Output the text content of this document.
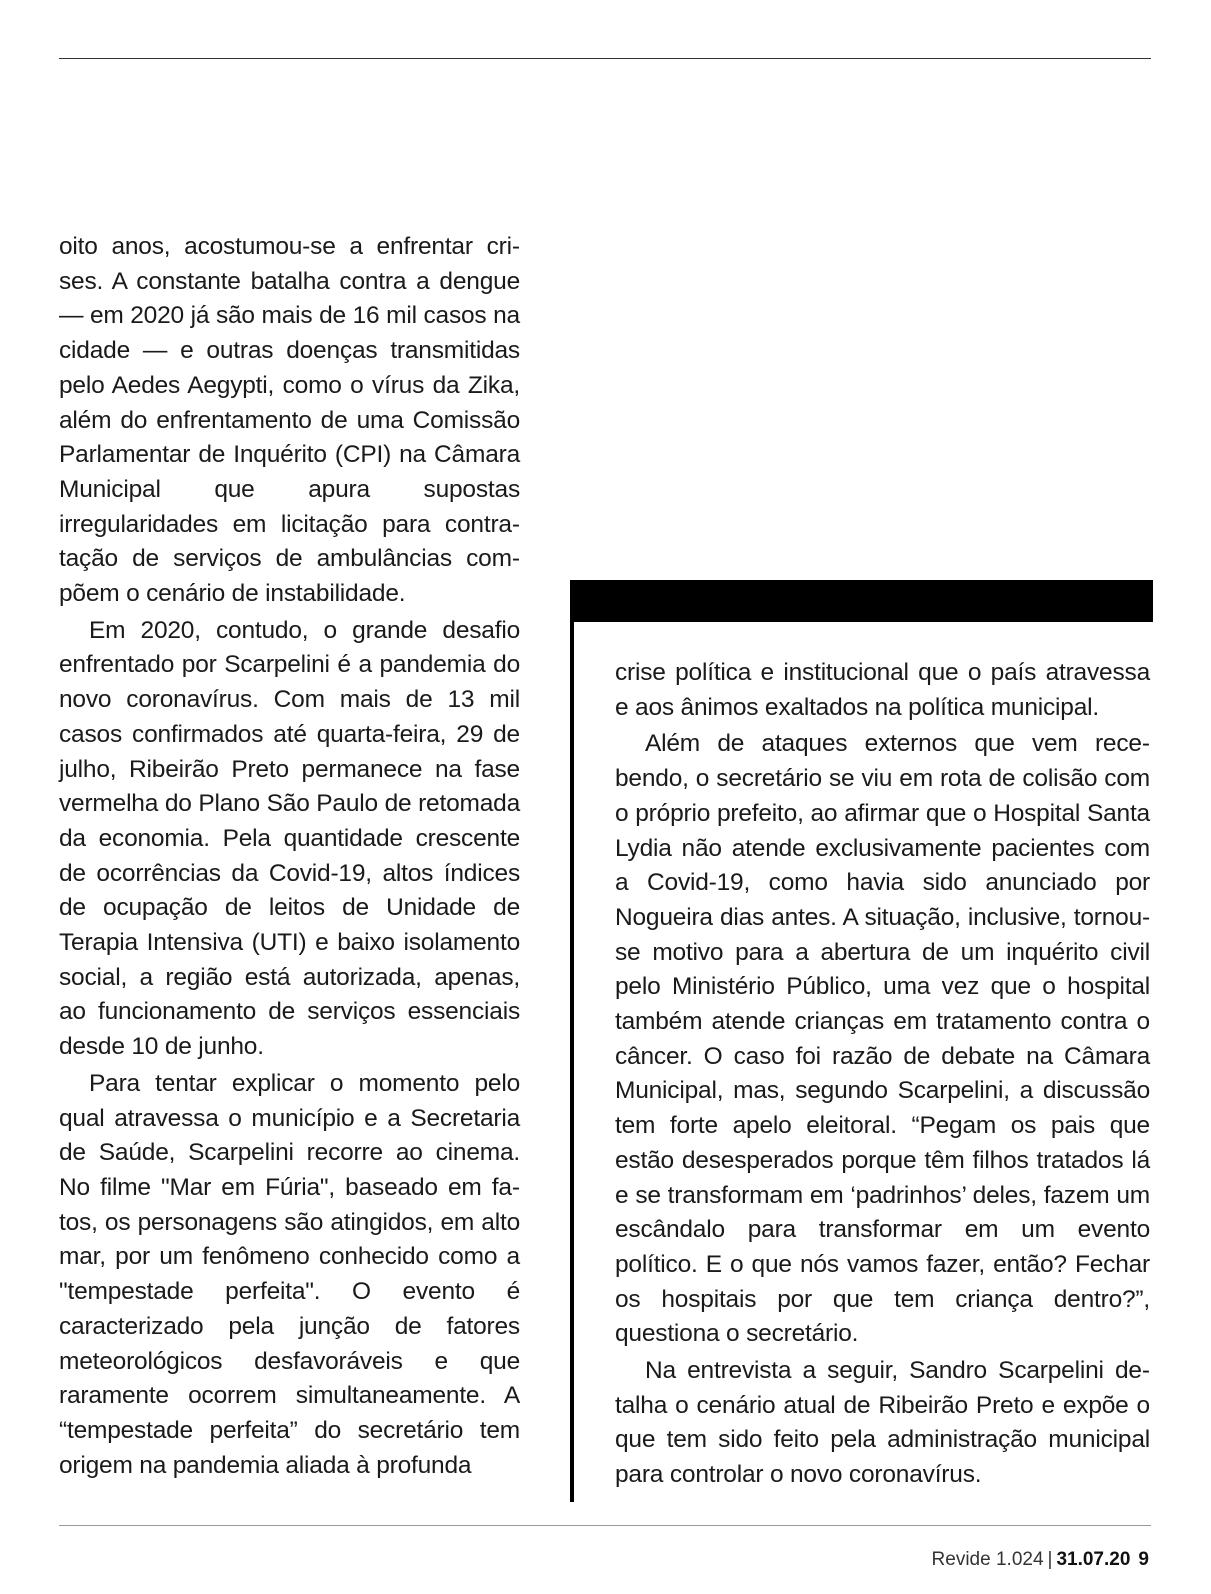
oito anos, acostumou-se a enfrentar crises. A constante batalha contra a dengue — em 2020 já são mais de 16 mil casos na cidade — e outras doenças transmitidas pelo Aedes Aegypti, como o vírus da Zika, além do enfrentamento de uma Comissão Parlamentar de Inquérito (CPI) na Câmara Municipal que apura supostas irregularidades em licitação para contratação de serviços de ambulâncias compõem o cenário de instabilidade.

Em 2020, contudo, o grande desafio enfrentado por Scarpelini é a pandemia do novo coronavírus. Com mais de 13 mil casos confirmados até quarta-feira, 29 de julho, Ribeirão Preto permanece na fase vermelha do Plano São Paulo de retomada da economia. Pela quantidade crescente de ocorrências da Covid-19, altos índices de ocupação de leitos de Unidade de Terapia Intensiva (UTI) e baixo isolamento social, a região está autorizada, apenas, ao funcionamento de serviços essenciais desde 10 de junho.

Para tentar explicar o momento pelo qual atravessa o município e a Secretaria de Saúde, Scarpelini recorre ao cinema. No filme "Mar em Fúria", baseado em fatos, os personagens são atingidos, em alto mar, por um fenômeno conhecido como a "tempestade perfeita". O evento é caracterizado pela junção de fatores meteorológicos desfavoráveis e que raramente ocorrem simultaneamente. A “tempestade perfeita” do secretário tem origem na pandemia aliada à profunda

crise política e institucional que o país atravessa e aos ânimos exaltados na política municipal.

Além de ataques externos que vem recebendo, o secretário se viu em rota de colisão com o próprio prefeito, ao afirmar que o Hospital Santa Lydia não atende exclusivamente pacientes com a Covid-19, como havia sido anunciado por Nogueira dias antes. A situação, inclusive, tornou-se motivo para a abertura de um inquérito civil pelo Ministério Público, uma vez que o hospital também atende crianças em tratamento contra o câncer. O caso foi razão de debate na Câmara Municipal, mas, segundo Scarpelini, a discussão tem forte apelo eleitoral. “Pegam os pais que estão desesperados porque têm filhos tratados lá e se transformam em ‘padrinhos’ deles, fazem um escândalo para transformar em um evento político. E o que nós vamos fazer, então? Fechar os hospitais por que tem criança dentro?”, questiona o secretário.

Na entrevista a seguir, Sandro Scarpelini detalha o cenário atual de Ribeirão Preto e expõe o que tem sido feito pela administração municipal para controlar o novo coronavírus.

Revide 1.024 | 31.07.20 9
